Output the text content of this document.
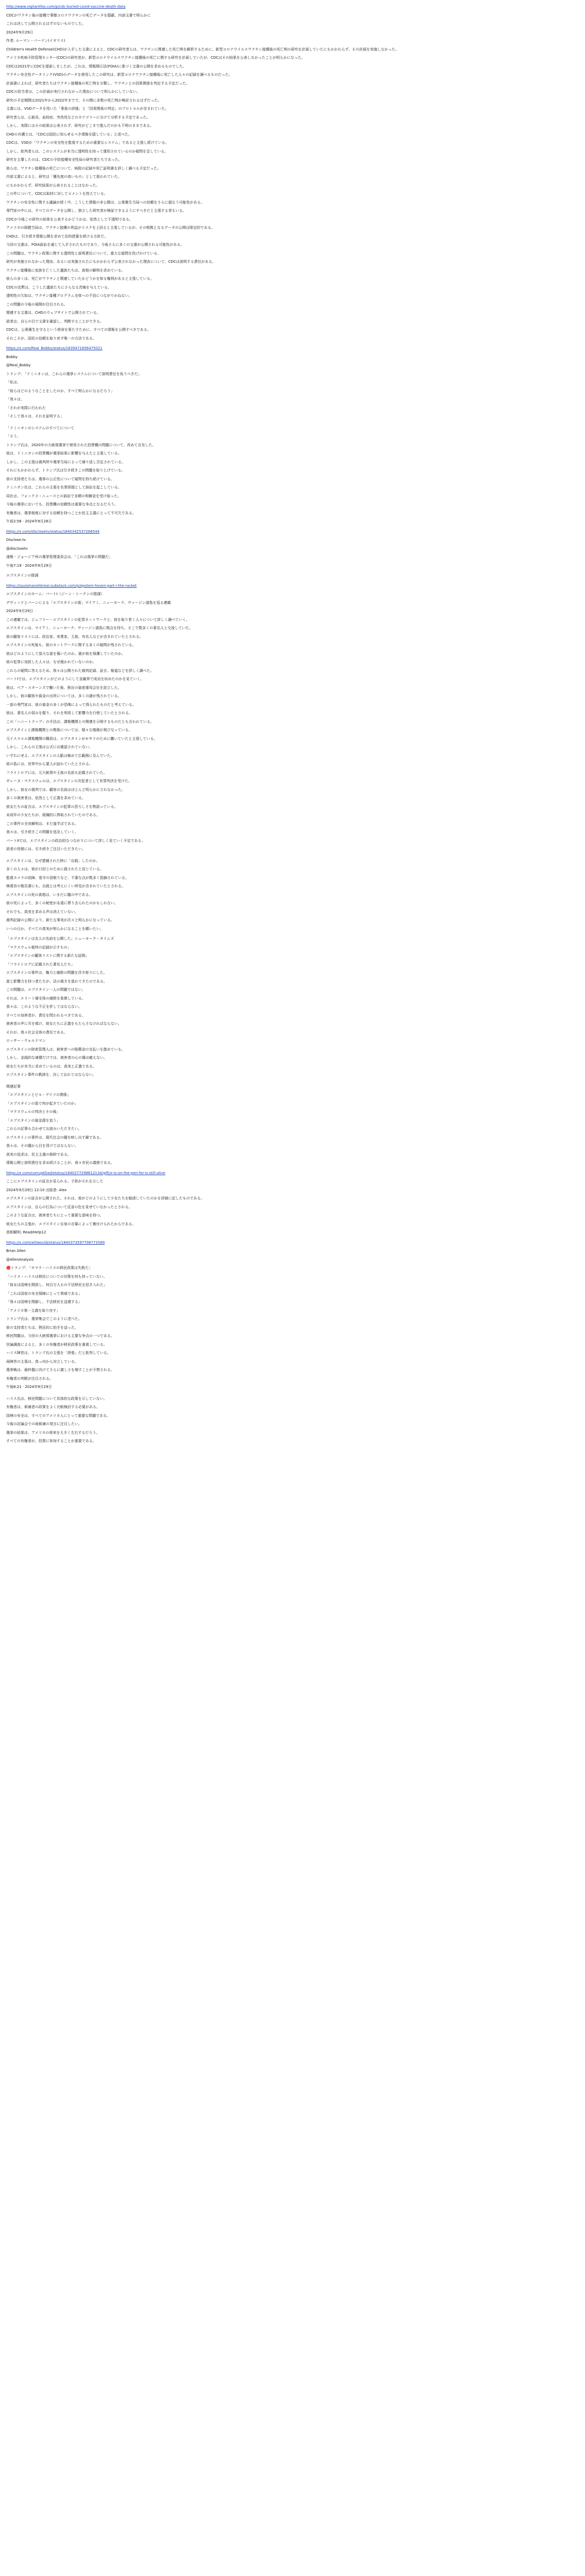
http://www.vigilantfox.com/p/cdc-buried-covid-vaccine-death-data
CDCがワクチン後の接種で事態コロナワクチンの死亡データを隠蔽、内部文書で明らかに
これは決して公開されるはずのないものでした。
2024年9月29日
作者: ルーマン・パーナン(イギリス)
Children's Health Defense(CHD)が入手した文書によると、CDCの研究者らは、ワクチンに関連した死亡例を解析するために、新型コロナウイルスワクチン接種後の死亡例の研究を計画していたにもかかわらず、その計画を実施しなかった。
アメリカ疾病予防管理センター(CDC)の研究者が、新型コロナウイルスワクチン接種後の死亡に関する研究を計画していたが、CDCはその結果を公表しなかったことが明らかになった。
CDCは2021年にCDCを提訴しましたが、これは、情報開示法(FOIA)に基づく文書の公開を求めるものでした。
ワクチン安全性データリンク(VSD)のデータを使用したこの研究は、新型コロナワクチン接種後に死亡した人々の記録を調べるものだった。
計画書によれば、研究者たちはワクチン接種後の死亡例を分類し、ワクチンとの因果関係を判定する予定だった。
CDCの担当者は、この計画が実行されなかった理由について明らかにしていない。
研究の予定期間は2021年から2022年までで、その間に多数の死亡例が検討されるはずだった。
文書には、VSDデータを用いた「事象の評価」と「因果関係の判定」のプロトコルが含まれていた。
研究者らは、心筋炎、血栓症、突然死などのカテゴリーに分けて分析する予定であった。
しかし、実際にはその結果は公表されず、研究がどこまで進んだのかも不明のままである。
CHDの弁護士は、「CDCは国民に知らせるべき情報を隠している」と述べた。
CDCは、VSDが「ワクチンの安全性を監視するための重要なシステム」であると主張し続けている。
しかし、批判者らは、このシステムが本当に透明性を持って運用されているのか疑問を呈している。
研究を主導したのは、CDCの予防接種安全性局の研究者たちであった。
彼らは、ワクチン接種後の死亡について、病院の記録や死亡証明書を詳しく調べる予定だった。
内部文書によると、研究は「優先度の高いもの」として扱われていた。
にもかかわらず、研究結果が公表されることはなかった。
この件について、CDCは取材に対してコメントを控えている。
ワクチンの安全性に関する議論が続く中、こうした情報の非公開は、公衆衛生当局への信頼をさらに損なう可能性がある。
専門家の中には、すべてのデータを公開し、独立した研究者が検証できるようにすべきだと主張する者もいる。
CDCが今後この研究の結果を公表するかどうかは、依然として不透明である。
アメリカの保健当局は、ワクチン接種の利益がリスクを上回ると主張しているが、その根拠となるデータの公開は限定的である。
CHDは、引き続き情報公開を求めて法的措置を続ける方針だ。
今回の文書は、FOIA訴訟を通じて入手されたものであり、今後さらに多くの文書が公開される可能性がある。
この問題は、ワクチン政策に関する透明性と説明責任について、重大な疑問を投げかけている。
研究が実施されなかった理由、あるいは実施されたにもかかわらず公表されなかった理由について、CDCは説明する責任がある。
ワクチン接種後に家族を亡くした遺族たちは、真相の解明を求めている。
彼らの多くは、死亡がワクチンと関連していたかどうかを知る権利があると主張している。
CDCの沈黙は、こうした遺族たちにさらなる苦痛を与えている。
透明性の欠如は、ワクチン接種プログラム全体への不信につながりかねない。
この問題の今後の展開が注目される。
関連する文書は、CHDのウェブサイトで公開されている。
読者は、自らの目で文書を確認し、判断することができる。
CDCは、公衆衛生を守るという使命を果たすために、すべての情報を公開すべきである。
それこそが、国民の信頼を取り戻す唯一の方法である。
https://x.com/Real_Bobby/status/1839471656475021
Bobby
@Real_Bobby
トランプ: 「ドミニオンは、これらの選挙システムについて説明責任を負うべきだ」
「私は、
「彼らはどのようなことをしたのか、すべて明らかになるだろう」
「我々は、
「それが実際に行われた
「そして我々は、それを証明する」
「ドミニオンのシステムのすべてについて
「そう、
トランプ氏は、2020年の大統領選挙で使用された投票機の問題について、改めて言及した。
彼は、ドミニオンの投票機が選挙結果に影響を与えたと主張している。
しかし、この主張は裁判所や選挙当局によって繰り返し否定されている。
それにもかかわらず、トランプ氏は引き続きこの問題を取り上げている。
彼の支持者たちは、選挙の公正性について疑問を持ち続けている。
ドミニオン社は、これらの主張を名誉毀損として訴訟を起こしている。
同社は、フォックス・ニュースとの訴訟で多額の和解金を受け取った。
今後の選挙においても、投票機の信頼性は重要な争点となるだろう。
有権者は、選挙制度に対する信頼を持つことが民主主義にとって不可欠である。
午前2:56 · 2024年9月28日
https://x.com/disclosetv/status/1840342537268544
Disclose.tv
@disclosetv
速報 - ジョージア州の選挙管理委員会は、「これは選挙の問題だ」
午後7:19 · 2024年9月29日
エプスタインの陰謀
https://ssuismanehkreal.substack.com/p/epstein-hoven-part-i-the-racket
エプスタインのホーム：パートI（ジーン・トークンの陰謀）
デヴィッドとパーンによる「エプスタインの街」マイアミ、ニューヨーク、ヴァージン諸島を巡る連載
2024年9月29日
この連載では、ジェフリー・エプスタインの犯罪ネットワークと、彼を取り巻く人々について詳しく調べていく。
エプスタインは、マイアミ、ニューヨーク、ヴァージン諸島に拠点を持ち、そこで数多くの著名人と交流していた。
彼の顧客リストには、政治家、実業家、王族、有名人などが含まれていたとされる。
エプスタインの死後も、彼のネットワークに関する多くの疑問が残されている。
彼はどのようにして莫大な富を築いたのか。誰が彼を保護していたのか。
彼の犯罪に加担した人々は、なぜ裁かれていないのか。
これらの疑問に答えるため、我々は公開された裁判記録、証言、報道などを詳しく調べた。
パートIでは、エプスタインがどのようにして金融界で成功を収めたのかを見ていく。
彼は、ベア・スターンズで働いた後、独自の資産運用会社を設立した。
しかし、彼の顧客や資金の出所については、多くの謎が残されている。
一部の専門家は、彼の資金の多くが恐喝によって得られたものだと考えている。
彼は、著名人の弱みを握り、それを利用して影響力を行使していたとされる。
この「ハニートラップ」の手法は、諜報機関との関連を示唆するものだとも言われている。
エプスタインと諜報機関との関係については、様々な憶測が飛び交っている。
元イスラエル諜報機関の職員は、エプスタインがモサドのために働いていたと主張している。
しかし、これらの主張は公式には確認されていない。
いずれにせよ、エプスタインの人脈は極めて広範囲に及んでいた。
彼の島には、世界中から要人が訪れていたとされる。
フライトログには、元大統領や王族の名前も記載されていた。
ギレーヌ・マクスウェルは、エプスタインの共犯者として有罪判決を受けた。
しかし、彼女の裁判では、顧客の名前はほとんど明らかにされなかった。
多くの被害者は、依然として正義を求めている。
彼女たちの証言は、エプスタインの犯罪の恐ろしさを物語っている。
未成年の少女たちが、組織的に搾取されていたのである。
この事件の全容解明は、まだ道半ばである。
我々は、引き続きこの問題を追及していく。
パートIIでは、エプスタインの政治的なつながりについて詳しく見ていく予定である。
読者の皆様には、引き続きご注目いただきたい。
エプスタインは、なぜ逮捕された時に「自殺」したのか。
多くの人々は、彼が口封じのために殺されたと信じている。
監視カメラの故障、看守の居眠りなど、不審な点が数多く指摘されている。
検視官の報告書にも、自殺とは考えにくい所見が含まれていたとされる。
エプスタインの死の真相は、いまだに闇の中である。
彼の死によって、多くの秘密が永遠に葬り去られたのかもしれない。
それでも、真実を求める声は消えていない。
裁判記録の公開により、新たな事実が次々と明らかになっている。
いつの日か、すべての真実が明らかになることを願いたい。
「エプスタインは友人の名前を公開した」ニューヨーク・タイムズ
「マクスウェル裁判の記録が示すもの」
「エプスタインの顧客リストに関する新たな証拠」
「フライトログに記載された著名人たち」
エプスタインの事件は、権力と腐敗の問題を浮き彫りにした。
富と影響力を持つ者たちが、法の裁きを逃れてきたのである。
この問題は、エプスタイン一人の問題ではない。
それは、エリート層全体の腐敗を象徴している。
我々は、このような不正を許してはならない。
すべての加害者が、責任を問われるべきである。
被害者の声に耳を傾け、彼女たちに正義をもたらさなければならない。
それが、我々社会全体の責任である。
ロッサー・ウォルドマン
エプスタインの財産管理人は、被害者への賠償金の支払いを進めている。
しかし、金銭的な補償だけでは、被害者の心の傷は癒えない。
彼女たちが本当に求めているのは、真実と正義である。
エプスタイン事件の教訓を、決して忘れてはならない。
関連記事
「エプスタインとビル・ゲイツの関係」
「エプスタインの島で何が起きていたのか」
「マクスウェルの判決とその後」
「エプスタインの資金源を追う」
これらの記事も合わせてお読みいただきたい。
エプスタインの事件は、現代社会の闇を映し出す鏡である。
我々は、その闇から目を背けてはならない。
真実の追求は、民主主義の根幹である。
情報公開と説明責任を求め続けることが、我々市民の義務である。
https://x.com/corruptDad/status/1840277298612134/gift/x-is-on-the-pen-for-is-still-alive
ここにエプスタインの証言が見られる。子供がそれを示した
2024年9月29日 12:10 出版者: Alex
エプスタインの証言が公開された。それは、彼がどのようにして少女たちを勧誘していたのかを詳細に記したものである。
エプスタインは、自らの行為について反省の色を見せていなかったとされる。
このような証言は、被害者たちにとって重要な意味を持つ。
彼女たちの主張が、エプスタイン自身の言葉によって裏付けられたからである。
真相解明: Read/Help12
https://x.com/alitwould/status/1840373597796773589
Brian Allen
@AllenAnalysis
🔴トランプ: 「カマラ・ハリスの移民政策は失敗だ」
「ハリス・ハリスは移民についての対策を何も持っていない。
「彼女は国境を開放し、何百万人もの不法移民を招き入れた」
「これは国家の安全保障にとって脅威である」
「我々は国境を閉鎖し、不法移民を送還する」
「アメリカ第一主義を取り戻す」
トランプ氏は、選挙集会でこのように述べた。
彼の支持者たちは、熱狂的に拍手を送った。
移民問題は、今回の大統領選挙における主要な争点の一つである。
世論調査によると、多くの有権者が移民政策を重視している。
ハリス陣営は、トランプ氏の主張を「誇張」だと批判している。
両陣営の主張は、真っ向から対立している。
選挙戦は、最終盤に向けてさらに激しさを増すことが予想される。
有権者の判断が注目される。
午後8:21 · 2024年9月29日
ハリス氏は、移民問題について具体的な政策を示していない。
有権者は、候補者の政策をよく比較検討する必要がある。
国境の安全は、すべてのアメリカ人にとって重要な問題である。
今後の討論会での両候補の発言に注目したい。
選挙の結果は、アメリカの将来を大きく左右するだろう。
すべての有権者が、投票に参加することが重要である。
